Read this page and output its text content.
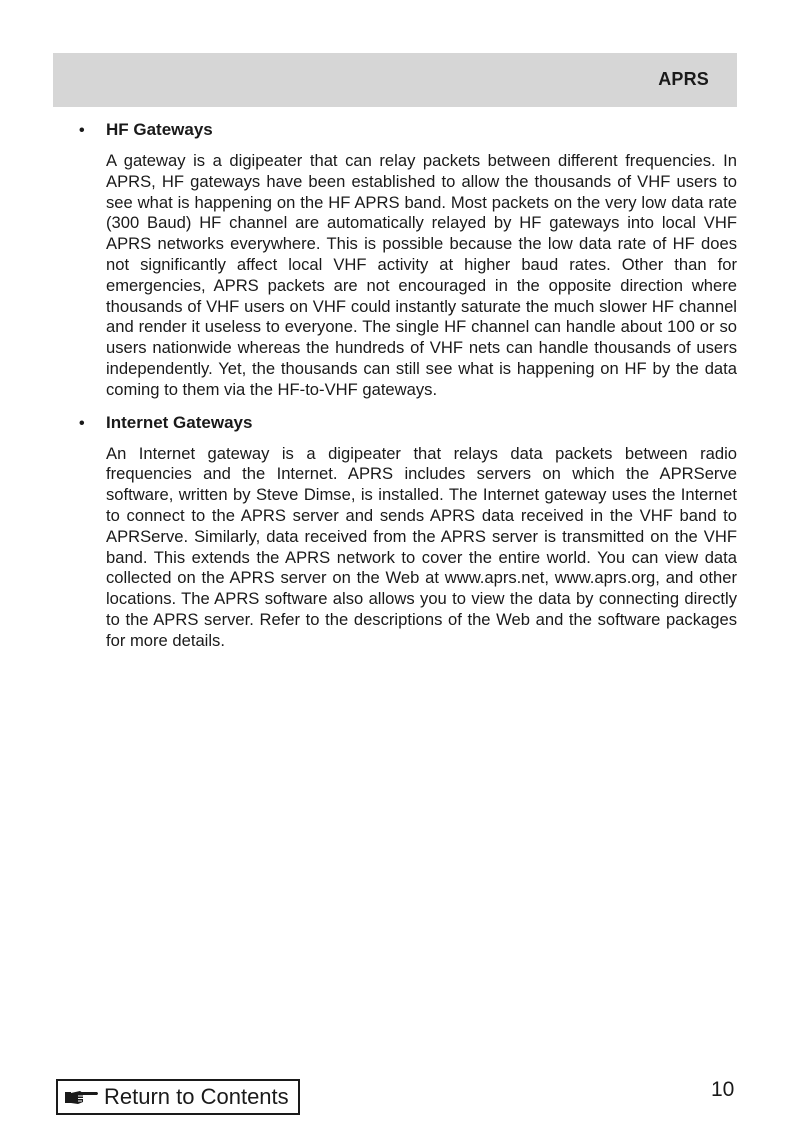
APRS
• HF Gateways

A gateway is a digipeater that can relay packets between different frequencies. In APRS, HF gateways have been established to allow the thousands of VHF users to see what is happening on the HF APRS band. Most packets on the very low data rate (300 Baud) HF channel are automatically relayed by HF gateways into local VHF APRS networks everywhere. This is possible because the low data rate of HF does not significantly affect local VHF activity at higher baud rates. Other than for emergencies, APRS packets are not encouraged in the opposite direction where thousands of VHF users on VHF could instantly saturate the much slower HF channel and render it useless to everyone. The single HF channel can handle about 100 or so users nationwide whereas the hundreds of VHF nets can handle thousands of users independently. Yet, the thousands can still see what is happening on HF by the data coming to them via the HF-to-VHF gateways.

• Internet Gateways

An Internet gateway is a digipeater that relays data packets between radio frequencies and the Internet. APRS includes servers on which the APRServe software, written by Steve Dimse, is installed. The Internet gateway uses the Internet to connect to the APRS server and sends APRS data received in the VHF band to APRServe. Similarly, data received from the APRS server is transmitted on the VHF band. This extends the APRS network to cover the entire world. You can view data collected on the APRS server on the Web at www.aprs.net, www.aprs.org, and other locations. The APRS software also allows you to view the data by connecting directly to the APRS server. Refer to the descriptions of the Web and the software packages for more details.

Return to Contents	10
